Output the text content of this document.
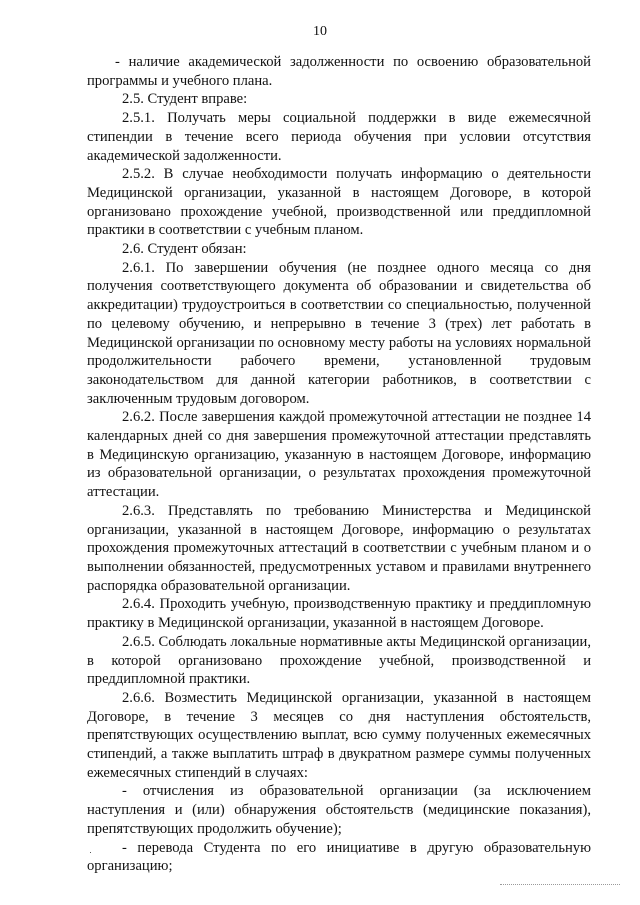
10

- наличие академической задолженности по освоению образовательной программы и учебного плана.

2.5. Студент вправе:

2.5.1. Получать меры социальной поддержки в виде ежемесячной стипендии в течение всего периода обучения при условии отсутствия академической задолженности.

2.5.2. В случае необходимости получать информацию о деятельности Медицинской организации, указанной в настоящем Договоре, в которой организовано прохождение учебной, производственной или преддипломной практики в соответствии с учебным планом.

2.6. Студент обязан:

2.6.1. По завершении обучения (не позднее одного месяца со дня получения соответствующего документа об образовании и свидетельства об аккредитации) трудоустроиться в соответствии со специальностью, полученной по целевому обучению, и непрерывно в течение 3 (трех) лет работать в Медицинской организации по основному месту работы на условиях нормальной продолжительности рабочего времени, установленной трудовым законодательством для данной категории работников, в соответствии с заключенным трудовым договором.

2.6.2. После завершения каждой промежуточной аттестации не позднее 14 календарных дней со дня завершения промежуточной аттестации представлять в Медицинскую организацию, указанную в настоящем Договоре, информацию из образовательной организации, о результатах прохождения промежуточной аттестации.

2.6.3. Представлять по требованию Министерства и Медицинской организации, указанной в настоящем Договоре, информацию о результатах прохождения промежуточных аттестаций в соответствии с учебным планом и о выполнении обязанностей, предусмотренных уставом и правилами внутреннего распорядка образовательной организации.

2.6.4. Проходить учебную, производственную практику и преддипломную практику в Медицинской организации, указанной в настоящем Договоре.

2.6.5. Соблюдать локальные нормативные акты Медицинской организации, в которой организовано прохождение учебной, производственной и преддипломной практики.

2.6.6. Возместить Медицинской организации, указанной в настоящем Договоре, в течение 3 месяцев со дня наступления обстоятельств, препятствующих осуществлению выплат, всю сумму полученных ежемесячных стипендий, а также выплатить штраф в двукратном размере суммы полученных ежемесячных стипендий в случаях:

- отчисления из образовательной организации (за исключением наступления и (или) обнаружения обстоятельств (медицинские показания), препятствующих продолжить обучение);

- перевода Студента по его инициативе в другую образовательную организацию;
